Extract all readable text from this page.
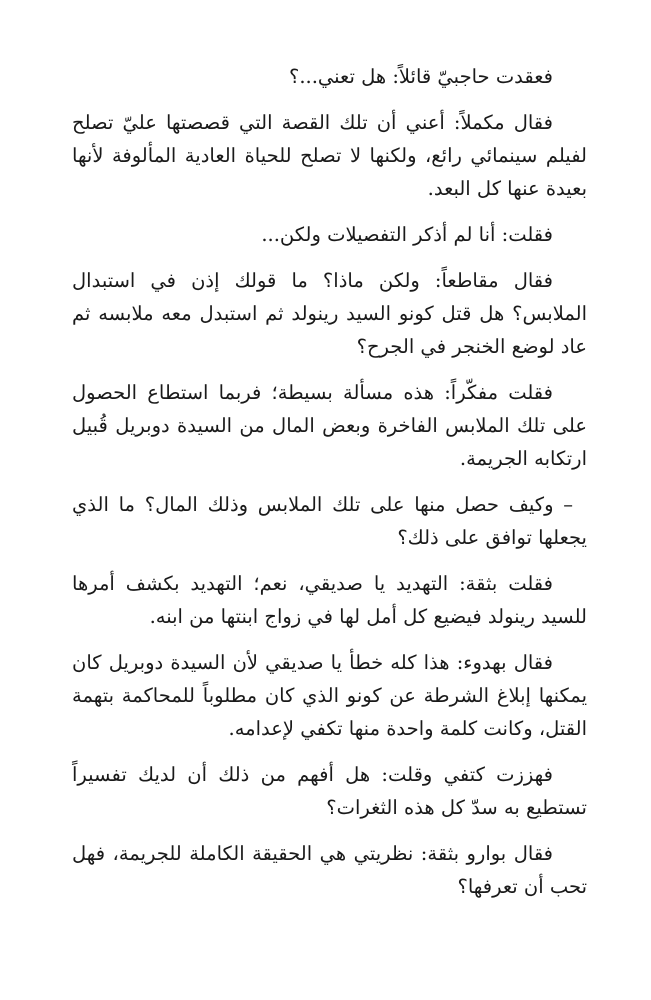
فعقدت حاجبيّ قائلاً: هل تعني...؟

فقال مكملاً: أعني أن تلك القصة التي قصصتها عليّ تصلح لفيلم سينمائي رائع، ولكنها لا تصلح للحياة العادية المألوفة لأنها بعيدة عنها كل البعد.

فقلت: أنا لم أذكر التفصيلات ولكن...

فقال مقاطعاً: ولكن ماذا؟ ما قولك إذن في استبدال الملابس؟ هل قتل كونو السيد رينولد ثم استبدل معه ملابسه ثم عاد لوضع الخنجر في الجرح؟

فقلت مفكّراً: هذه مسألة بسيطة؛ فربما استطاع الحصول على تلك الملابس الفاخرة وبعض المال من السيدة دوبريل قُبيل ارتكابه الجريمة.

– وكيف حصل منها على تلك الملابس وذلك المال؟ ما الذي يجعلها توافق على ذلك؟

فقلت بثقة: التهديد يا صديقي، نعم؛ التهديد بكشف أمرها للسيد رينولد فيضيع كل أمل لها في زواج ابنتها من ابنه.

فقال بهدوء: هذا كله خطأ يا صديقي لأن السيدة دوبريل كان يمكنها إبلاغ الشرطة عن كونو الذي كان مطلوباً للمحاكمة بتهمة القتل، وكانت كلمة واحدة منها تكفي لإعدامه.

فهززت كتفي وقلت: هل أفهم من ذلك أن لديك تفسيراً تستطيع به سدّ كل هذه الثغرات؟

فقال بوارو بثقة: نظريتي هي الحقيقة الكاملة للجريمة، فهل تحب أن تعرفها؟
